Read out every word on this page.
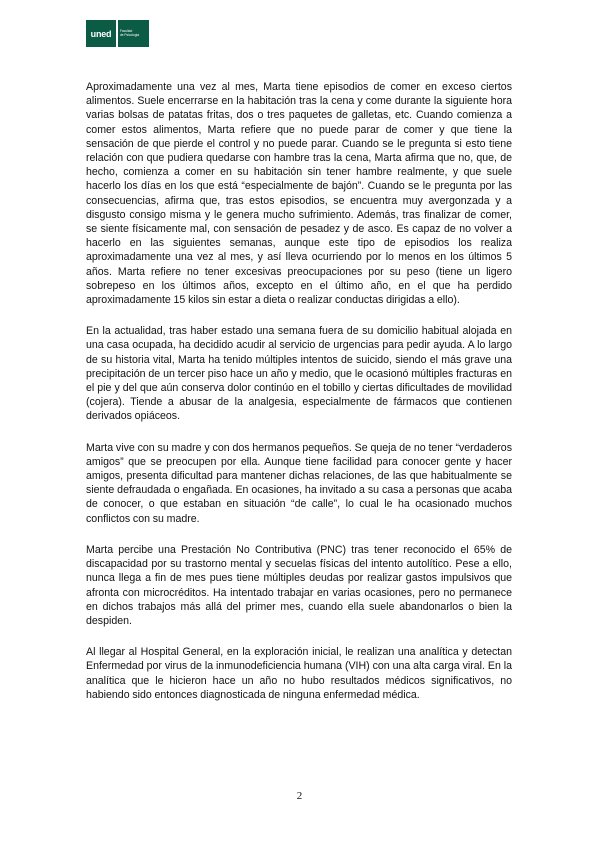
uned	Facultad
de Psicología

Aproximadamente una vez al mes, Marta tiene episodios de comer en exceso ciertos alimentos. Suele encerrarse en la habitación tras la cena y come durante la siguiente hora varias bolsas de patatas fritas, dos o tres paquetes de galletas, etc. Cuando comienza a comer estos alimentos, Marta refiere que no puede parar de comer y que tiene la sensación de que pierde el control y no puede parar. Cuando se le pregunta si esto tiene relación con que pudiera quedarse con hambre tras la cena, Marta afirma que no, que, de hecho, comienza a comer en su habitación sin tener hambre realmente, y que suele hacerlo los días en los que está “especialmente de bajón”. Cuando se le pregunta por las consecuencias, afirma que, tras estos episodios, se encuentra muy avergonzada y a disgusto consigo misma y le genera mucho sufrimiento. Además, tras finalizar de comer, se siente físicamente mal, con sensación de pesadez y de asco. Es capaz de no volver a hacerlo en las siguientes semanas, aunque este tipo de episodios los realiza aproximadamente una vez al mes, y así lleva ocurriendo por lo menos en los últimos 5 años. Marta refiere no tener excesivas preocupaciones por su peso (tiene un ligero sobrepeso en los últimos años, excepto en el último año, en el que ha perdido aproximadamente 15 kilos sin estar a dieta o realizar conductas dirigidas a ello).

En la actualidad, tras haber estado una semana fuera de su domicilio habitual alojada en una casa ocupada, ha decidido acudir al servicio de urgencias para pedir ayuda. A lo largo de su historia vital, Marta ha tenido múltiples intentos de suicido, siendo el más grave una precipitación de un tercer piso hace un año y medio, que le ocasionó múltiples fracturas en el pie y del que aún conserva dolor continúo en el tobillo y ciertas dificultades de movilidad (cojera). Tiende a abusar de la analgesia, especialmente de fármacos que contienen derivados opiáceos.

Marta vive con su madre y con dos hermanos pequeños. Se queja de no tener “verdaderos amigos” que se preocupen por ella. Aunque tiene facilidad para conocer gente y hacer amigos, presenta dificultad para mantener dichas relaciones, de las que habitualmente se siente defraudada o engañada. En ocasiones, ha invitado a su casa a personas que acaba de conocer, o que estaban en situación “de calle”, lo cual le ha ocasionado muchos conflictos con su madre.

Marta percibe una Prestación No Contributiva (PNC) tras tener reconocido el 65% de discapacidad por su trastorno mental y secuelas físicas del intento autolítico. Pese a ello, nunca llega a fin de mes pues tiene múltiples deudas por realizar gastos impulsivos que afronta con microcréditos. Ha intentado trabajar en varias ocasiones, pero no permanece en dichos trabajos más allá del primer mes, cuando ella suele abandonarlos o bien la despiden.

Al llegar al Hospital General, en la exploración inicial, le realizan una analítica y detectan Enfermedad por virus de la inmunodeficiencia humana (VIH) con una alta carga viral. En la analítica que le hicieron hace un año no hubo resultados médicos significativos, no habiendo sido entonces diagnosticada de ninguna enfermedad médica.

2
